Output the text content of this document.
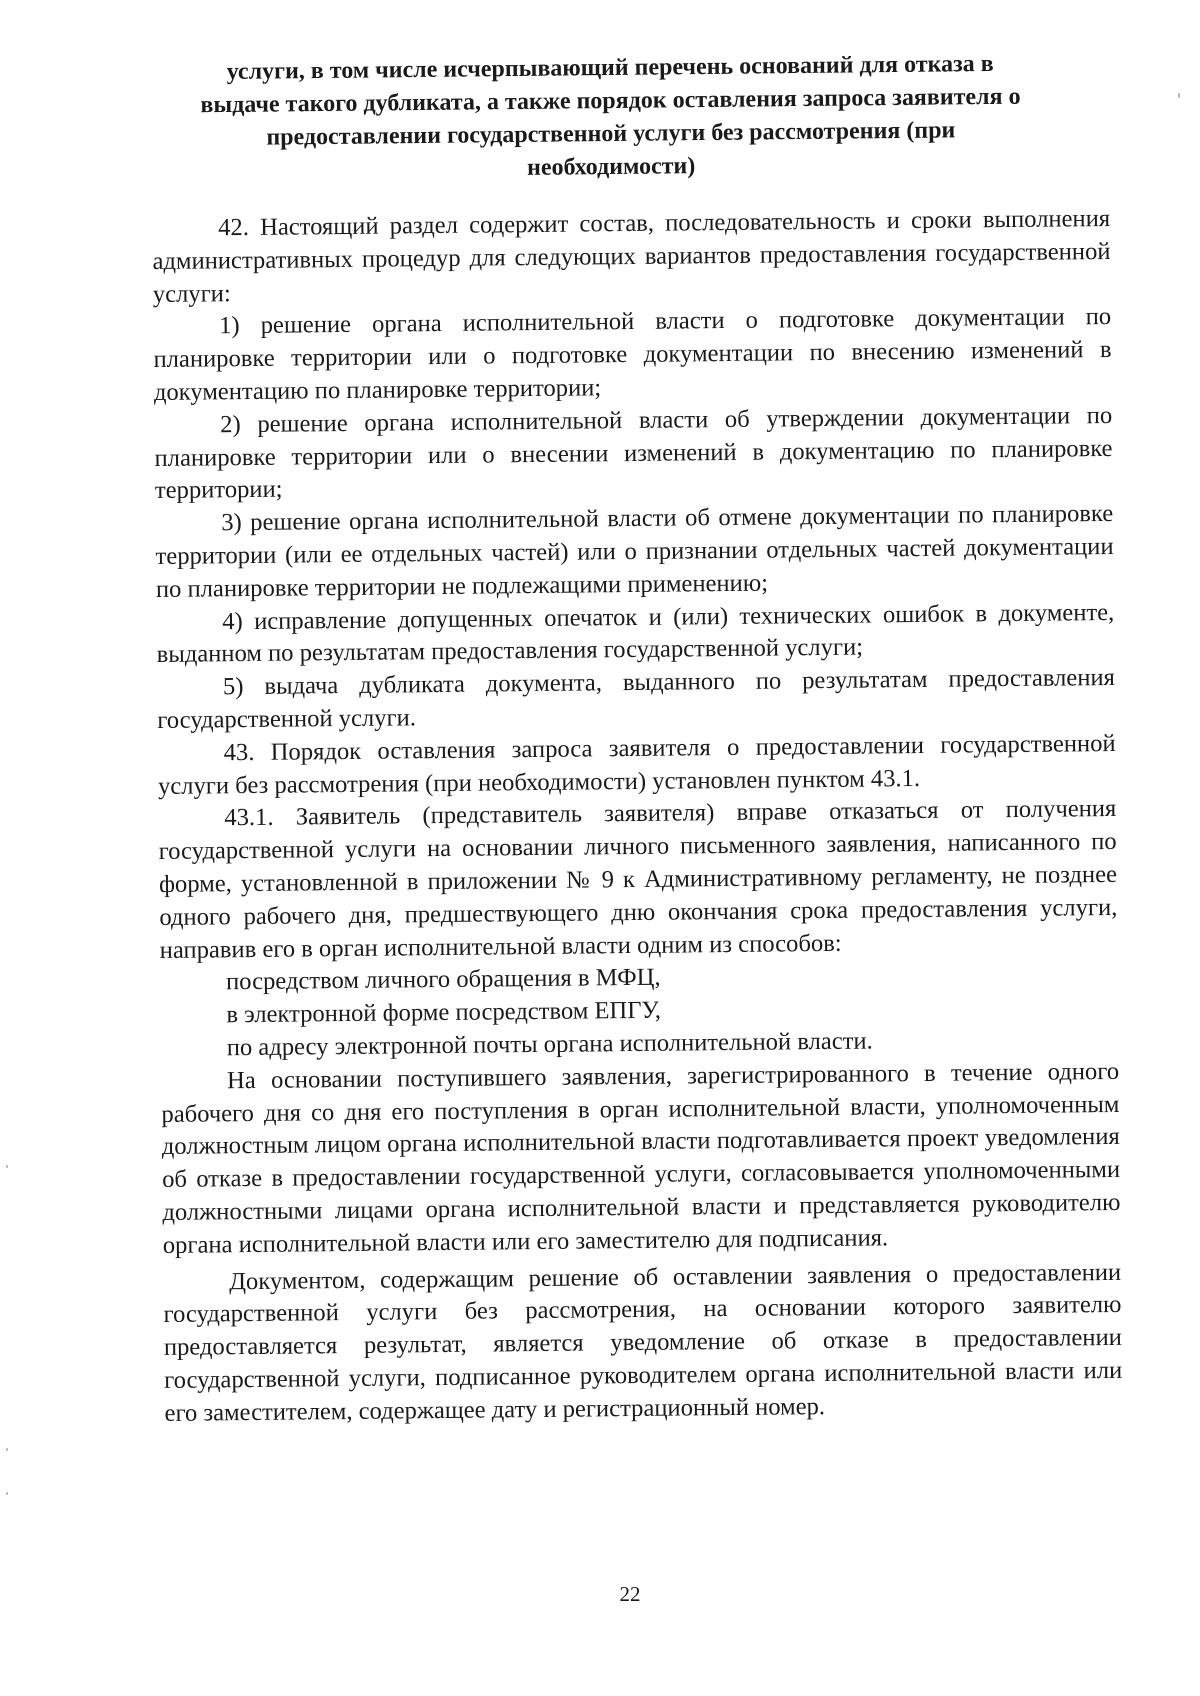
услуги, в том числе исчерпывающий перечень оснований для отказа в
выдаче такого дубликата, а также порядок оставления запроса заявителя о
предоставлении государственной услуги без рассмотрения (при
необходимости)

42. Настоящий раздел содержит состав, последовательность и сроки выполнения административных процедур для следующих вариантов предоставления государственной услуги:

1) решение органа исполнительной власти о подготовке документации по планировке территории или о подготовке документации по внесению изменений в документацию по планировке территории;

2) решение органа исполнительной власти об утверждении документации по планировке территории или о внесении изменений в документацию по планировке территории;

3) решение органа исполнительной власти об отмене документации по планировке территории (или ее отдельных частей) или о признании отдельных частей документации по планировке территории не подлежащими применению;

4) исправление допущенных опечаток и (или) технических ошибок в документе, выданном по результатам предоставления государственной услуги;

5) выдача дубликата документа, выданного по результатам предоставления государственной услуги.

43. Порядок оставления запроса заявителя о предоставлении государственной услуги без рассмотрения (при необходимости) установлен пунктом 43.1.

43.1. Заявитель (представитель заявителя) вправе отказаться от получения государственной услуги на основании личного письменного заявления, написанного по форме, установленной в приложении № 9 к Административному регламенту, не позднее одного рабочего дня, предшествующего дню окончания срока предоставления услуги, направив его в орган исполнительной власти одним из способов:

посредством личного обращения в МФЦ,

в электронной форме посредством ЕПГУ,

по адресу электронной почты органа исполнительной власти.

На основании поступившего заявления, зарегистрированного в течение одного рабочего дня со дня его поступления в орган исполнительной власти, уполномоченным должностным лицом органа исполнительной власти подготавливается проект уведомления об отказе в предоставлении государственной услуги, согласовывается уполномоченными должностными лицами органа исполнительной власти и представляется руководителю органа исполнительной власти или его заместителю для подписания.

Документом, содержащим решение об оставлении заявления о предоставлении государственной услуги без рассмотрения, на основании которого заявителю предоставляется результат, является уведомление об отказе в предоставлении государственной услуги, подписанное руководителем органа исполнительной власти или его заместителем, содержащее дату и регистрационный номер.

22
